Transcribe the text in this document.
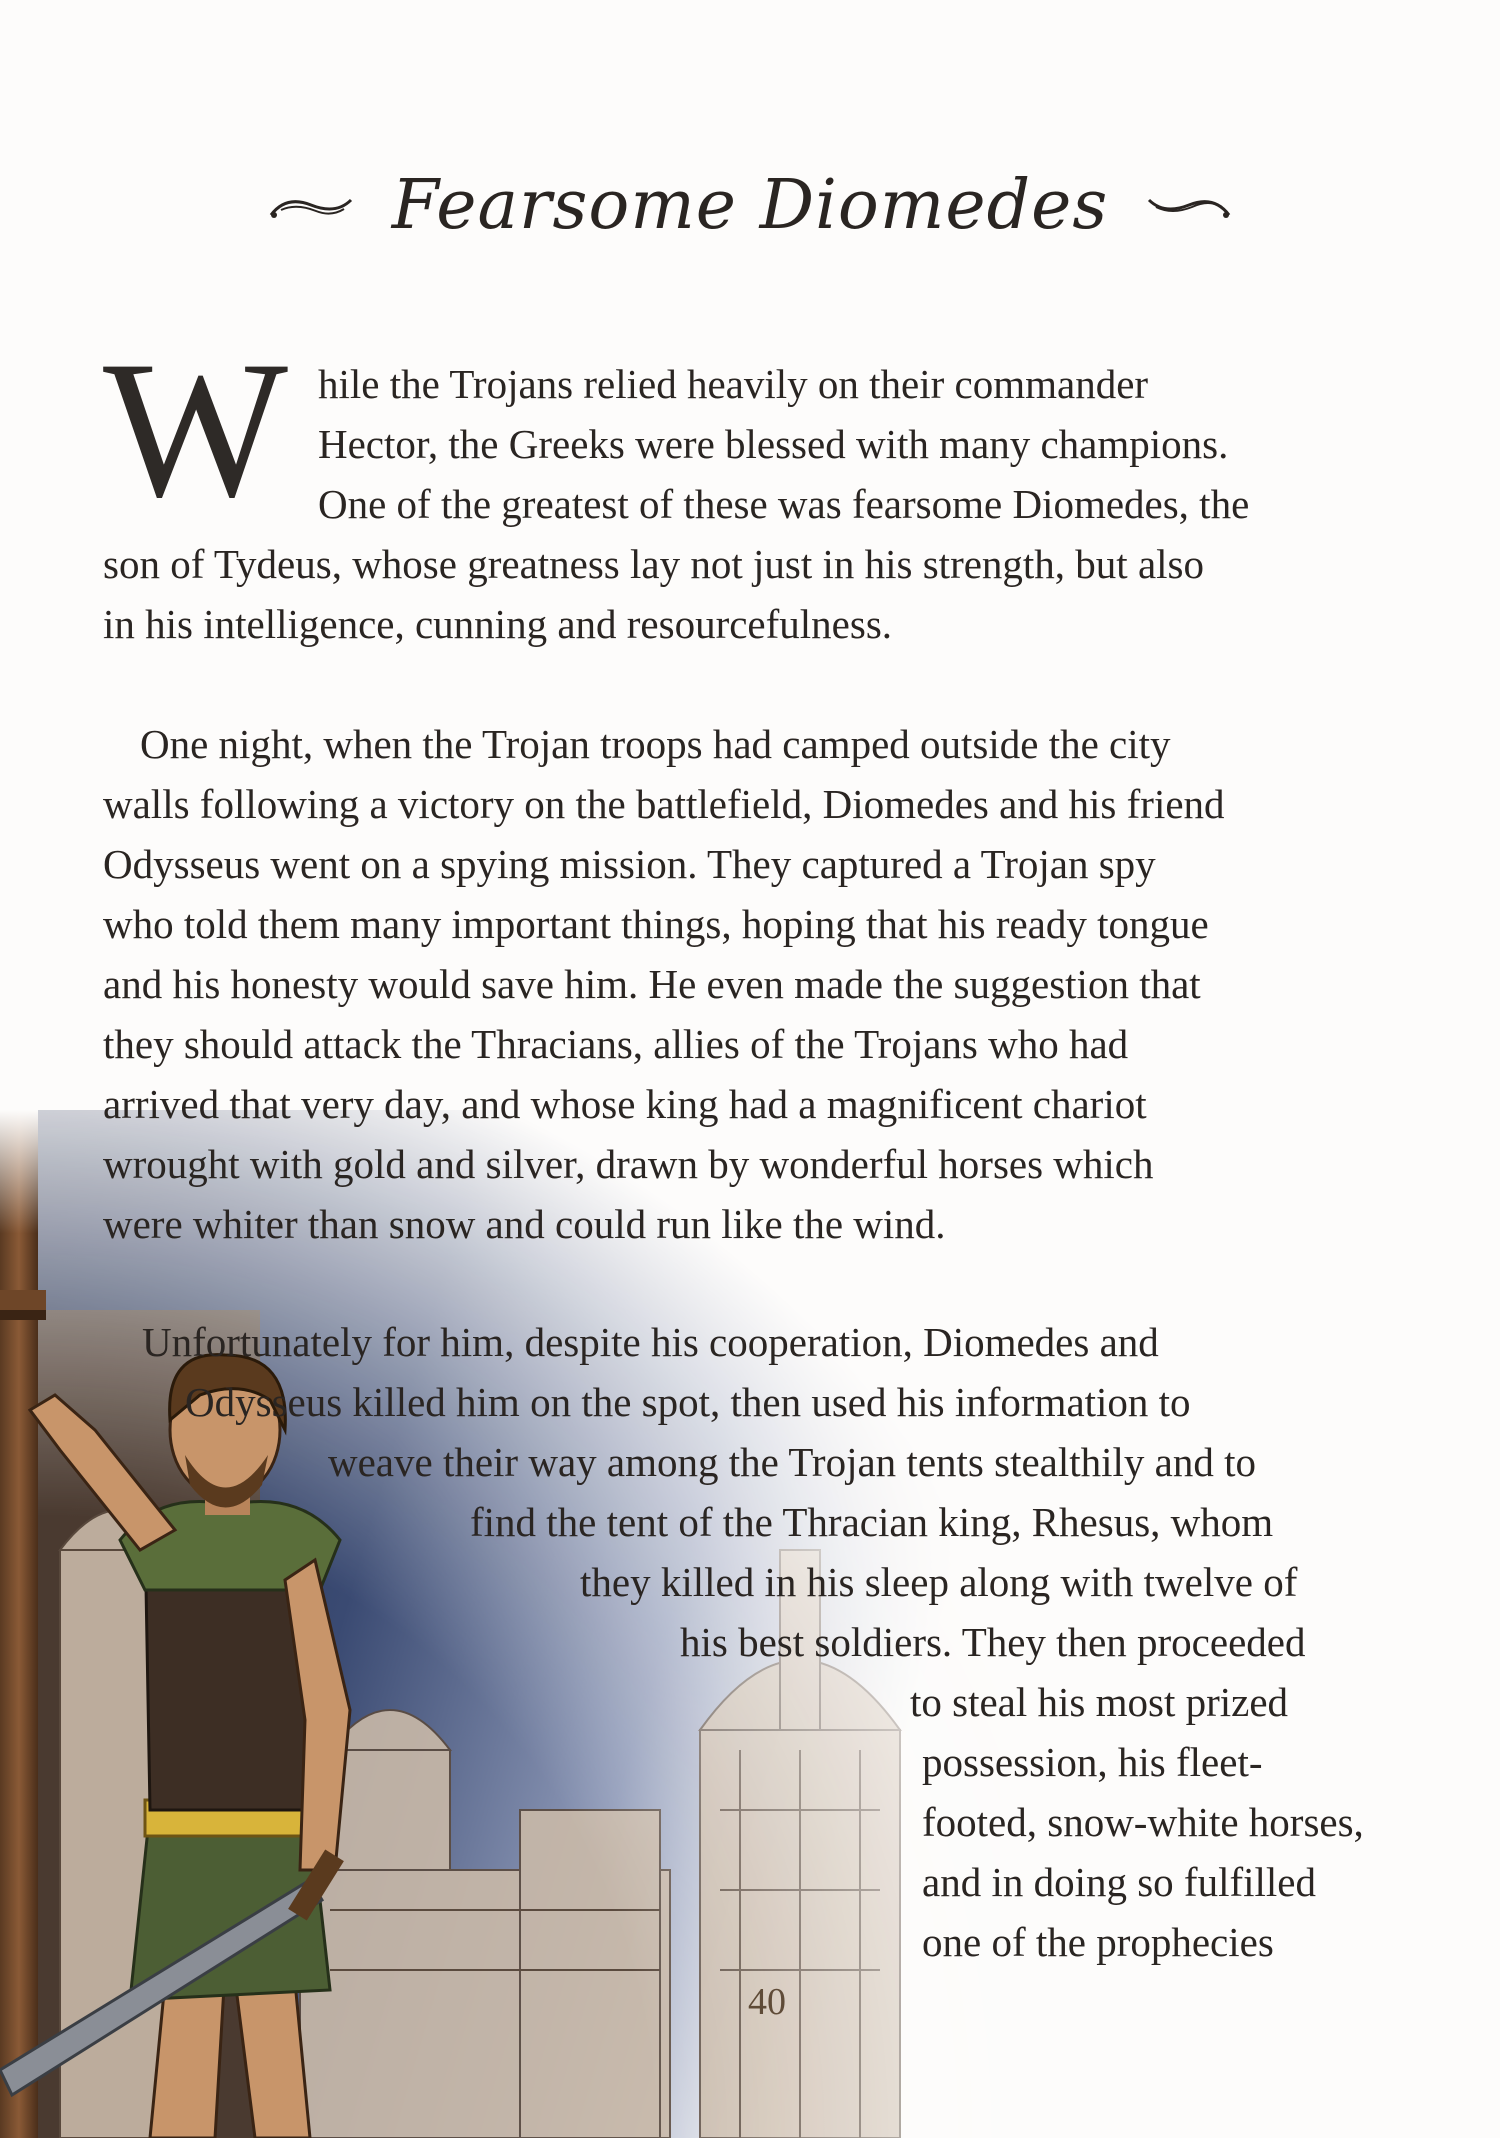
Fearsome Diomedes
W hile the Trojans relied heavily on their commander
Hector, the Greeks were blessed with many champions.
One of the greatest of these was fearsome Diomedes, the
son of Tydeus, whose greatness lay not just in his strength, but also
in his intelligence, cunning and resourcefulness.
One night, when the Trojan troops had camped outside the city
walls following a victory on the battlefield, Diomedes and his friend
Odysseus went on a spying mission. They captured a Trojan spy
who told them many important things, hoping that his ready tongue
and his honesty would save him. He even made the suggestion that
they should attack the Thracians, allies of the Trojans who had
arrived that very day, and whose king had a magnificent chariot
wrought with gold and silver, drawn by wonderful horses which
were whiter than snow and could run like the wind.
Unfortunately for him, despite his cooperation, Diomedes and
Odysseus killed him on the spot, then used his information to
weave their way among the Trojan tents stealthily and to
find the tent of the Thracian king, Rhesus, whom
they killed in his sleep along with twelve of
his best soldiers. They then proceeded
to steal his most prized
possession, his fleet-
footed, snow-white horses,
and in doing so fulfilled
one of the prophecies
40
